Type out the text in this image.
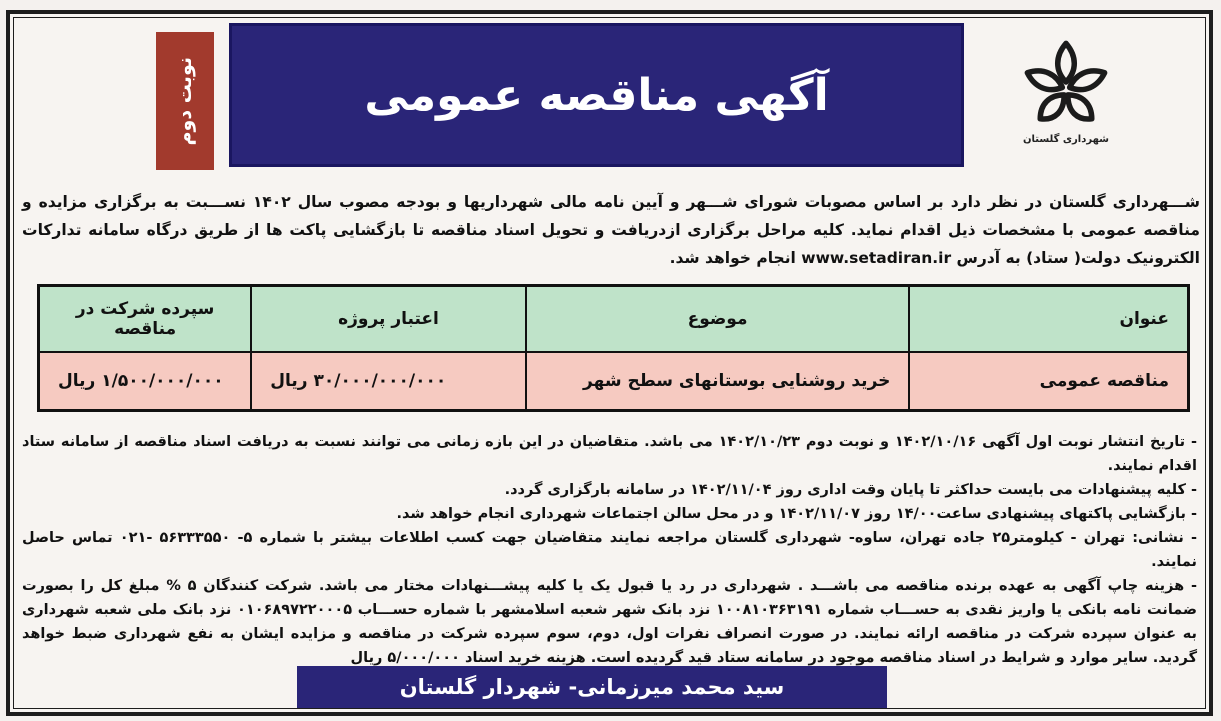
شهرداری گلستان
آگهی مناقصه عمومی
نوبت دوم
شـــهرداری گلستان در نظر دارد بر اساس مصوبات شورای شـــهر و آیین نامه مالی شهرداریها و بودجه مصوب سال ۱۴۰۲ نســـبت به برگزاری مزایده و مناقصه عمومی با مشخصات ذیل اقدام نماید. کلیه مراحل برگزاری ازدریافت و تحویل اسناد مناقصه تا بازگشایی پاکت ها از طریق درگاه سامانه تدارکات الکترونیک دولت( ستاد) به آدرس www.setadiran.ir انجام خواهد شد.
عنوان	موضوع	اعتبار پروژه	سپرده شرکت در مناقصه
مناقصه عمومی	خرید روشنایی بوستانهای سطح شهر	۳۰/۰۰۰/۰۰۰/۰۰۰ ریال	۱/۵۰۰/۰۰۰/۰۰۰ ریال

- تاریخ انتشار نوبت اول آگهی ۱۴۰۲/۱۰/۱۶ و نوبت دوم ۱۴۰۲/۱۰/۲۳ می باشد. متقاضیان در این بازه زمانی می توانند نسبت به دریافت اسناد مناقصه از سامانه ستاد اقدام نمایند.

- کلیه پیشنهادات می بایست حداکثر تا پایان وقت اداری روز ۱۴۰۲/۱۱/۰۴ در سامانه بارگزاری گردد.

- بازگشایی پاکتهای پیشنهادی ساعت۱۴/۰۰ روز ۱۴۰۲/۱۱/۰۷ و در محل سالن اجتماعات شهرداری انجام خواهد شد.

- نشانی: تهران - کیلومتر۲۵ جاده تهران، ساوه- شهرداری گلستان مراجعه نمایند متقاضیان جهت کسب اطلاعات بیشتر با شماره ۵- ۵۶۳۳۳۵۵۰ -۰۲۱ تماس حاصل نمایند.

- هزینه چاپ آگهی به عهده برنده مناقصه می باشـــد . شهرداری در رد یا قبول یک یا کلیه پیشـــنهادات مختار می باشد. شرکت کنندگان ۵ % مبلغ کل را بصورت ضمانت نامه بانکی یا واریز نقدی به حســـاب شماره ۱۰۰۸۱۰۳۶۳۱۹۱ نزد بانک شهر شعبه اسلامشهر با شماره حســـاب ۰۱۰۶۸۹۷۲۲۰۰۰۵ نزد بانک ملی شعبه شهرداری به عنوان سپرده شرکت در مناقصه ارائه نمایند. در صورت انصراف نفرات اول، دوم، سوم سپرده شرکت در مناقصه و مزایده ایشان به نفع شهرداری ضبط خواهد گردید. سایر موارد و شرایط در اسناد مناقصه موجود در سامانه ستاد قید گردیده است. هزینه خرید اسناد ۵/۰۰۰/۰۰۰ ریال

سید محمد میرزمانی- شهردار گلستان
